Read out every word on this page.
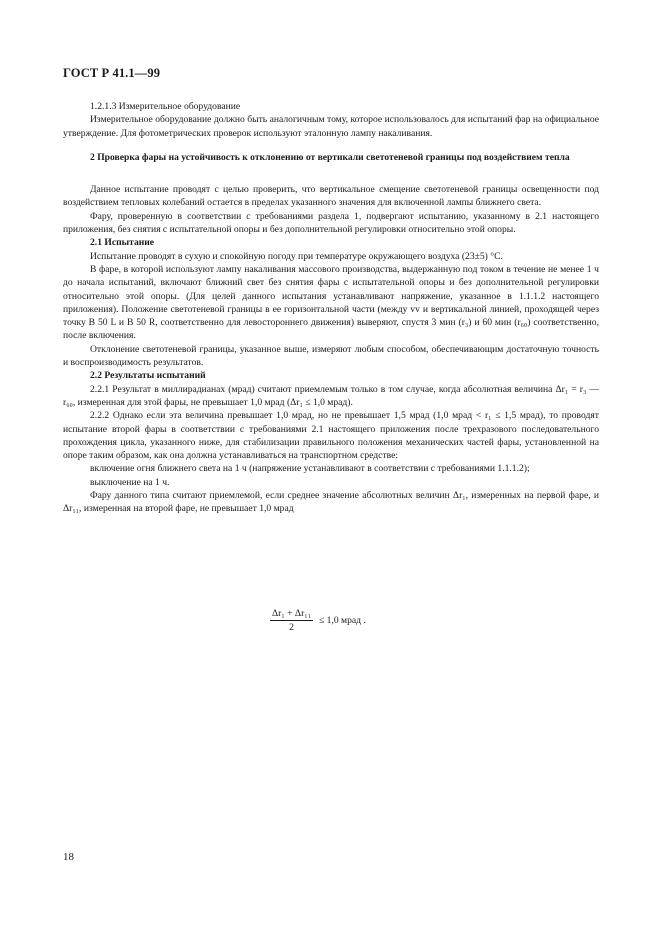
ГОСТ Р 41.1—99

1.2.1.3 Измерительное оборудование

Измерительное оборудование должно быть аналогичным тому, которое использовалось для испытаний фар на официальное утверждение. Для фотометрических проверок используют эталонную лампу накаливания.

2 Проверка фары на устойчивость к отклонению от вертикали светотеневой границы под воздействием тепла

Данное испытание проводят с целью проверить, что вертикальное смещение светотеневой границы освещенности под воздействием тепловых колебаний остается в пределах указанного значения для включенной лампы ближнего света.

Фару, проверенную в соответствии с требованиями раздела 1, подвергают испытанию, указанному в 2.1 настоящего приложения, без снятия с испытательной опоры и без дополнительной регулировки относительно этой опоры.

2.1 Испытание

Испытание проводят в сухую и спокойную погоду при температуре окружающего воздуха (23±5) °С.

В фаре, в которой используют лампу накаливания массового производства, выдержанную под током в течение не менее 1 ч до начала испытаний, включают ближний свет без снятия фары с испытательной опоры и без дополнительной регулировки относительно этой опоры. (Для целей данного испытания устанавливают напряжение, указанное в 1.1.1.2 настоящего приложения). Положение светотеневой границы в ее горизонтальной части (между vv и вертикальной линией, проходящей через точку В 50 L и В 50 R, соответственно для левостороннего движения) выверяют, спустя 3 мин (r₃) и 60 мин (r₆₀) соответственно, после включения.

Отклонение светотеневой границы, указанное выше, измеряют любым способом, обеспечивающим достаточную точность и воспроизводимость результатов.

2.2 Результаты испытаний

2.2.1 Результат в миллирадианах (мрад) считают приемлемым только в том случае, когда абсолютная величина Δr₁ = r₃ — r₆₀, измеренная для этой фары, не превышает 1,0 мрад (Δr₁ ≤ 1,0 мрад).

2.2.2 Однако если эта величина превышает 1,0 мрад, но не превышает 1,5 мрад (1,0 мрад < r₁ ≤ 1,5 мрад), то проводят испытание второй фары в соответствии с требованиями 2.1 настоящего приложения после трехразового последовательного прохождения цикла, указанного ниже, для стабилизации правильного положения механических частей фары, установленной на опоре таким образом, как она должна устанавливаться на транспортном средстве:

включение огня ближнего света на 1 ч (напряжение устанавливают в соответствии с требованиями 1.1.1.2);

выключение на 1 ч.

Фару данного типа считают приемлемой, если среднее значение абсолютных величин Δr₁, измеренных на первой фаре, и Δr₁₁, измеренная на второй фаре, не превышает 1,0 мрад

$\frac{\text{Δr₁ + Δr₁₁}}{2} \le 1,0$ мрад .
18
